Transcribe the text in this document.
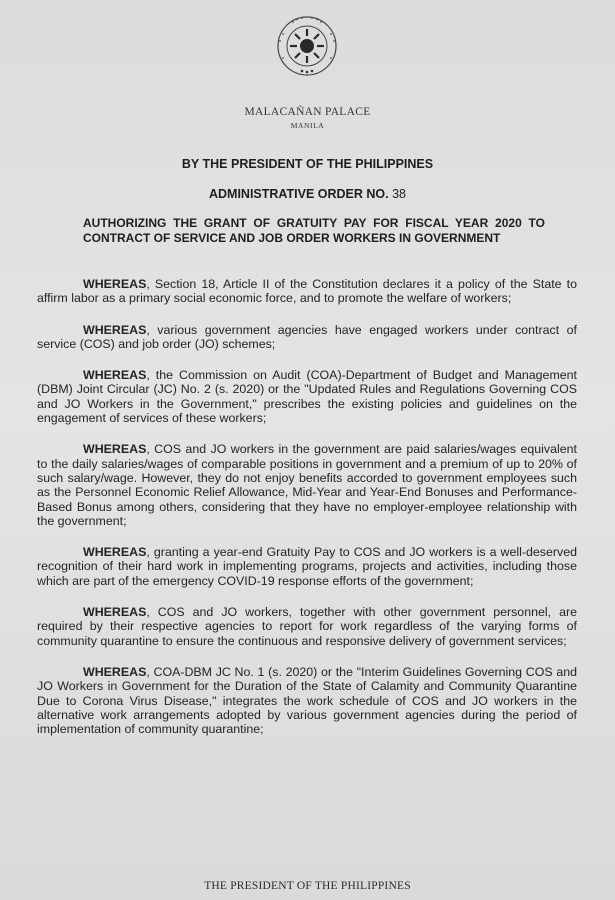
MALACAÑAN PALACE
MANILA
BY THE PRESIDENT OF THE PHILIPPINES
ADMINISTRATIVE ORDER NO. 38
AUTHORIZING THE GRANT OF GRATUITY PAY FOR FISCAL YEAR 2020 TO CONTRACT OF SERVICE AND JOB ORDER WORKERS IN GOVERNMENT

WHEREAS, Section 18, Article II of the Constitution declares it a policy of the State to affirm labor as a primary social economic force, and to promote the welfare of workers;

WHEREAS, various government agencies have engaged workers under contract of service (COS) and job order (JO) schemes;

WHEREAS, the Commission on Audit (COA)-Department of Budget and Management (DBM) Joint Circular (JC) No. 2 (s. 2020) or the "Updated Rules and Regulations Governing COS and JO Workers in the Government," prescribes the existing policies and guidelines on the engagement of services of these workers;

WHEREAS, COS and JO workers in the government are paid salaries/wages equivalent to the daily salaries/wages of comparable positions in government and a premium of up to 20% of such salary/wage. However, they do not enjoy benefits accorded to government employees such as the Personnel Economic Relief Allowance, Mid-Year and Year-End Bonuses and Performance-Based Bonus among others, considering that they have no employer-employee relationship with the government;

WHEREAS, granting a year-end Gratuity Pay to COS and JO workers is a well-deserved recognition of their hard work in implementing programs, projects and activities, including those which are part of the emergency COVID-19 response efforts of the government;

WHEREAS, COS and JO workers, together with other government personnel, are required by their respective agencies to report for work regardless of the varying forms of community quarantine to ensure the continuous and responsive delivery of government services;

WHEREAS, COA-DBM JC No. 1 (s. 2020) or the "Interim Guidelines Governing COS and JO Workers in Government for the Duration of the State of Calamity and Community Quarantine Due to Corona Virus Disease," integrates the work schedule of COS and JO workers in the alternative work arrangements adopted by various government agencies during the period of implementation of community quarantine;

THE PRESIDENT OF THE PHILIPPINES
